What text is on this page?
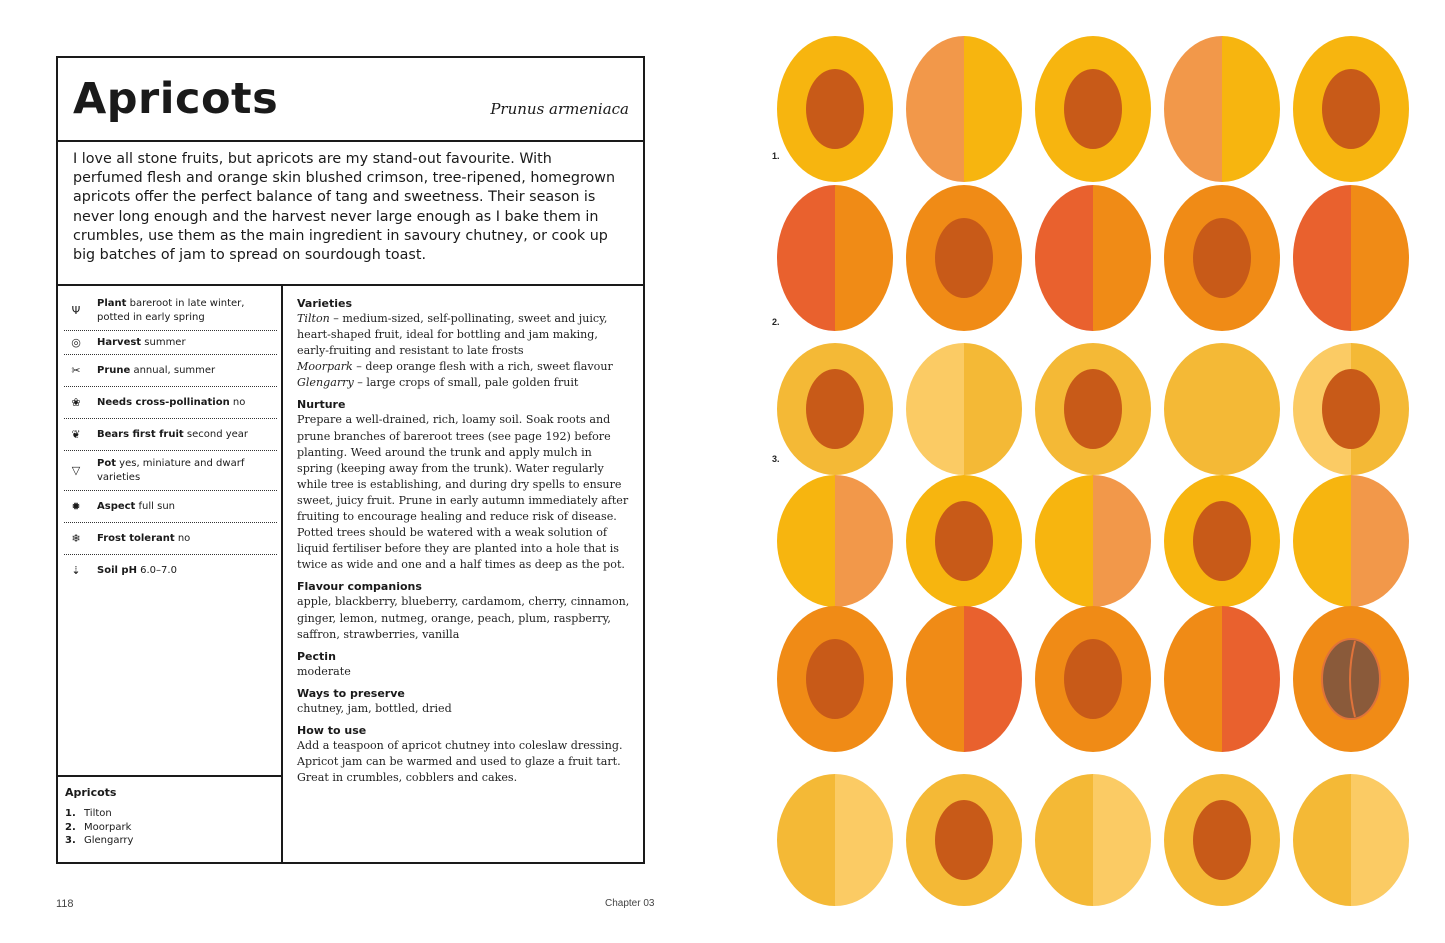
Apricots	Prunus armeniaca

I love all stone fruits, but apricots are my stand-out favourite. With perfumed flesh and orange skin blushed crimson, tree-ripened, homegrown apricots offer the perfect balance of tang and sweetness. Their season is never long enough and the harvest never large enough as I bake them in crumbles, use them as the main ingredient in savoury chutney, or cook up big batches of jam to spread on sourdough toast.

Ψ
Plant bareroot in late winter, potted in early spring
◎ Harvest summer
✂ Prune annual, summer
❀ Needs cross-pollination no
❦ Bears first fruit second year
▽
Pot yes, miniature and dwarf varieties
✹ Aspect full sun
❄ Frost tolerant no
⇣ Soil pH 6.0–7.0
Apricots
1. Tilton
2. Moorpark
3. Glengarry
Varieties

Tilton – medium-sized, self-pollinating, sweet and juicy, heart-shaped fruit, ideal for bottling and jam making, early-fruiting and resistant to late frosts
Moorpark – deep orange flesh with a rich, sweet flavour
Glengarry – large crops of small, pale golden fruit

Nurture

Prepare a well-drained, rich, loamy soil. Soak roots and prune branches of bareroot trees (see page 192) before planting. Weed around the trunk and apply mulch in spring (keeping away from the trunk). Water regularly while tree is establishing, and during dry spells to ensure sweet, juicy fruit. Prune in early autumn immediately after fruiting to encourage healing and reduce risk of disease. Potted trees should be watered with a weak solution of liquid fertiliser before they are planted into a hole that is twice as wide and one and a half times as deep as the pot.

Flavour companions

apple, blackberry, blueberry, cardamom, cherry, cinnamon, ginger, lemon, nutmeg, orange, peach, plum, raspberry, saffron, strawberries, vanilla

Pectin

moderate

Ways to preserve

chutney, jam, bottled, dried

How to use

Add a teaspoon of apricot chutney into coleslaw dressing. Apricot jam can be warmed and used to glaze a fruit tart. Great in crumbles, cobblers and cakes.

118	Chapter 03
1.
2.
3.
